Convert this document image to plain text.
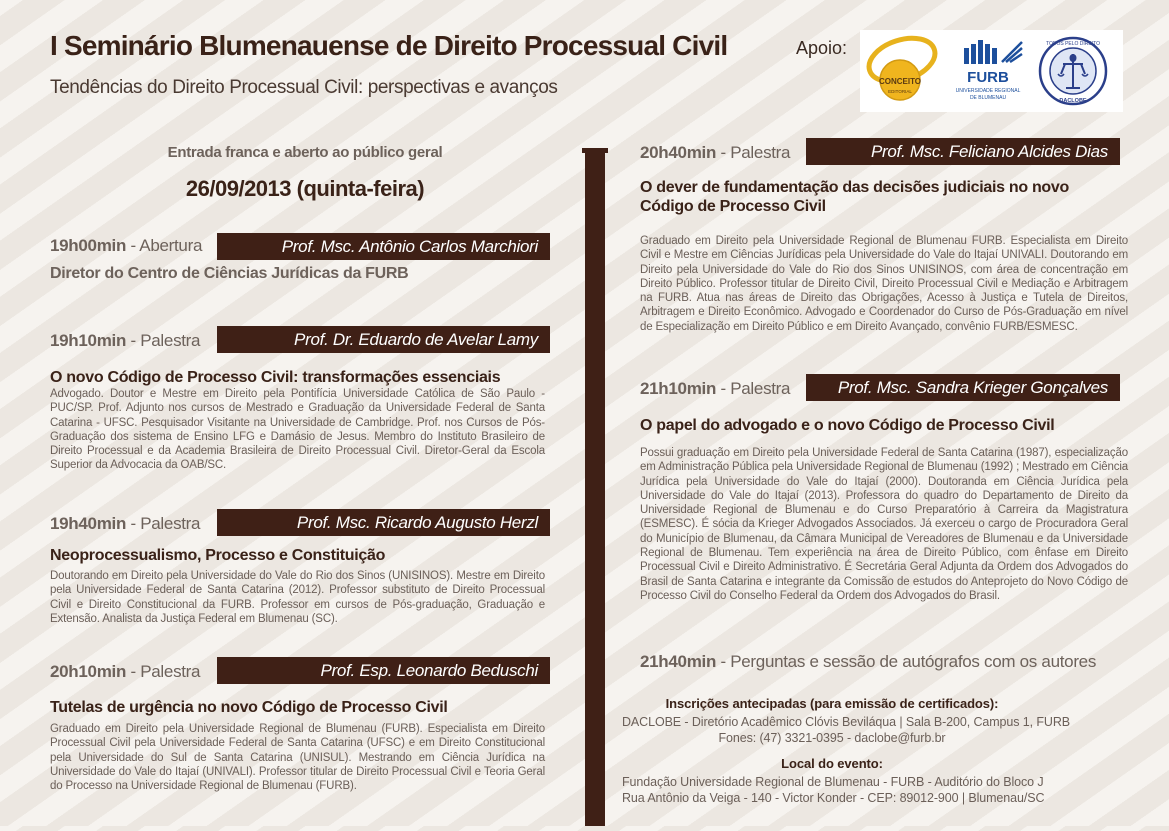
I Seminário Blumenauense de Direito Processual Civil
Tendências do Direito Processual Civil: perspectivas e avanços
Apoio:
CONCEITO
EDITORIAL
FURB
UNIVERSIDADE REGIONAL
DE BLUMENAU
TODOS PELO DIREITO
DACLOBE
Entrada franca e aberto ao público geral
26/09/2013 (quinta-feira)
19h00min - Abertura	Prof. Msc. Antônio Carlos Marchiori
Diretor do Centro de Ciências Jurídicas da FURB
19h10min - Palestra	Prof. Dr. Eduardo de Avelar Lamy
O novo Código de Processo Civil: transformações essenciais
Advogado. Doutor e Mestre em Direito pela Pontifícia Universidade Católica de São Paulo - PUC/SP. Prof. Adjunto nos cursos de Mestrado e Graduação da Universidade Federal de Santa Catarina - UFSC. Pesquisador Visitante na Universidade de Cambridge. Prof. nos Cursos de Pós-Graduação dos sistema de Ensino LFG e Damásio de Jesus. Membro do Instituto Brasileiro de Direito Processual e da Academia Brasileira de Direito Processual Civil. Diretor-Geral da Escola Superior da Advocacia da OAB/SC.
19h40min - Palestra	Prof. Msc. Ricardo Augusto Herzl
Neoprocessualismo, Processo e Constituição
Doutorando em Direito pela Universidade do Vale do Rio dos Sinos (UNISINOS). Mestre em Direito pela Universidade Federal de Santa Catarina (2012). Professor substituto de Direito Processual Civil e Direito Constitucional da FURB. Professor em cursos de Pós-graduação, Graduação e Extensão. Analista da Justiça Federal em Blumenau (SC).
20h10min - Palestra	Prof. Esp. Leonardo Beduschi
Tutelas de urgência no novo Código de Processo Civil
Graduado em Direito pela Universidade Regional de Blumenau (FURB). Especialista em Direito Processual Civil pela Universidade Federal de Santa Catarina (UFSC) e em Direito Constitucional pela Universidade do Sul de Santa Catarina (UNISUL). Mestrando em Ciência Jurídica na Universidade do Vale do Itajaí (UNIVALI). Professor titular de Direito Processual Civil e Teoria Geral do Processo na Universidade Regional de Blumenau (FURB).
20h40min - Palestra	Prof. Msc. Feliciano Alcides Dias
O dever de fundamentação das decisões judiciais no novo Código de Processo Civil
Graduado em Direito pela Universidade Regional de Blumenau FURB. Especialista em Direito Civil e Mestre em Ciências Jurídicas pela Universidade do Vale do Itajaí UNIVALI. Doutorando em Direito pela Universidade do Vale do Rio dos Sinos UNISINOS, com área de concentração em Direito Público. Professor titular de Direito Civil, Direito Processual Civil e Mediação e Arbitragem na FURB. Atua nas áreas de Direito das Obrigações, Acesso à Justiça e Tutela de Direitos, Arbitragem e Direito Econômico. Advogado e Coordenador do Curso de Pós-Graduação em nível de Especialização em Direito Público e em Direito Avançado, convênio FURB/ESMESC.
21h10min - Palestra	Prof. Msc. Sandra Krieger Gonçalves
O papel do advogado e o novo Código de Processo Civil
Possui graduação em Direito pela Universidade Federal de Santa Catarina (1987), especialização em Administração Pública pela Universidade Regional de Blumenau (1992) ; Mestrado em Ciência Jurídica pela Universidade do Vale do Itajaí (2000). Doutoranda em Ciência Jurídica pela Universidade do Vale do Itajaí (2013). Professora do quadro do Departamento de Direito da Universidade Regional de Blumenau e do Curso Preparatório à Carreira da Magistratura (ESMESC). É sócia da Krieger Advogados Associados. Já exerceu o cargo de Procuradora Geral do Município de Blumenau, da Câmara Municipal de Vereadores de Blumenau e da Universidade Regional de Blumenau. Tem experiência na área de Direito Público, com ênfase em Direito Processual Civil e Direito Administrativo. É Secretária Geral Adjunta da Ordem dos Advogados do Brasil de Santa Catarina e integrante da Comissão de estudos do Anteprojeto do Novo Código de Processo Civil do Conselho Federal da Ordem dos Advogados do Brasil.
21h40min - Perguntas e sessão de autógrafos com os autores
Inscrições antecipadas (para emissão de certificados):
DACLOBE - Diretório Acadêmico Clóvis Beviláqua | Sala B-200, Campus 1, FURB
Fones: (47) 3321-0395 - daclobe@furb.br
Local do evento:
Fundação Universidade Regional de Blumenau - FURB - Auditório do Bloco J
Rua Antônio da Veiga - 140 - Victor Konder - CEP: 89012-900 | Blumenau/SC
